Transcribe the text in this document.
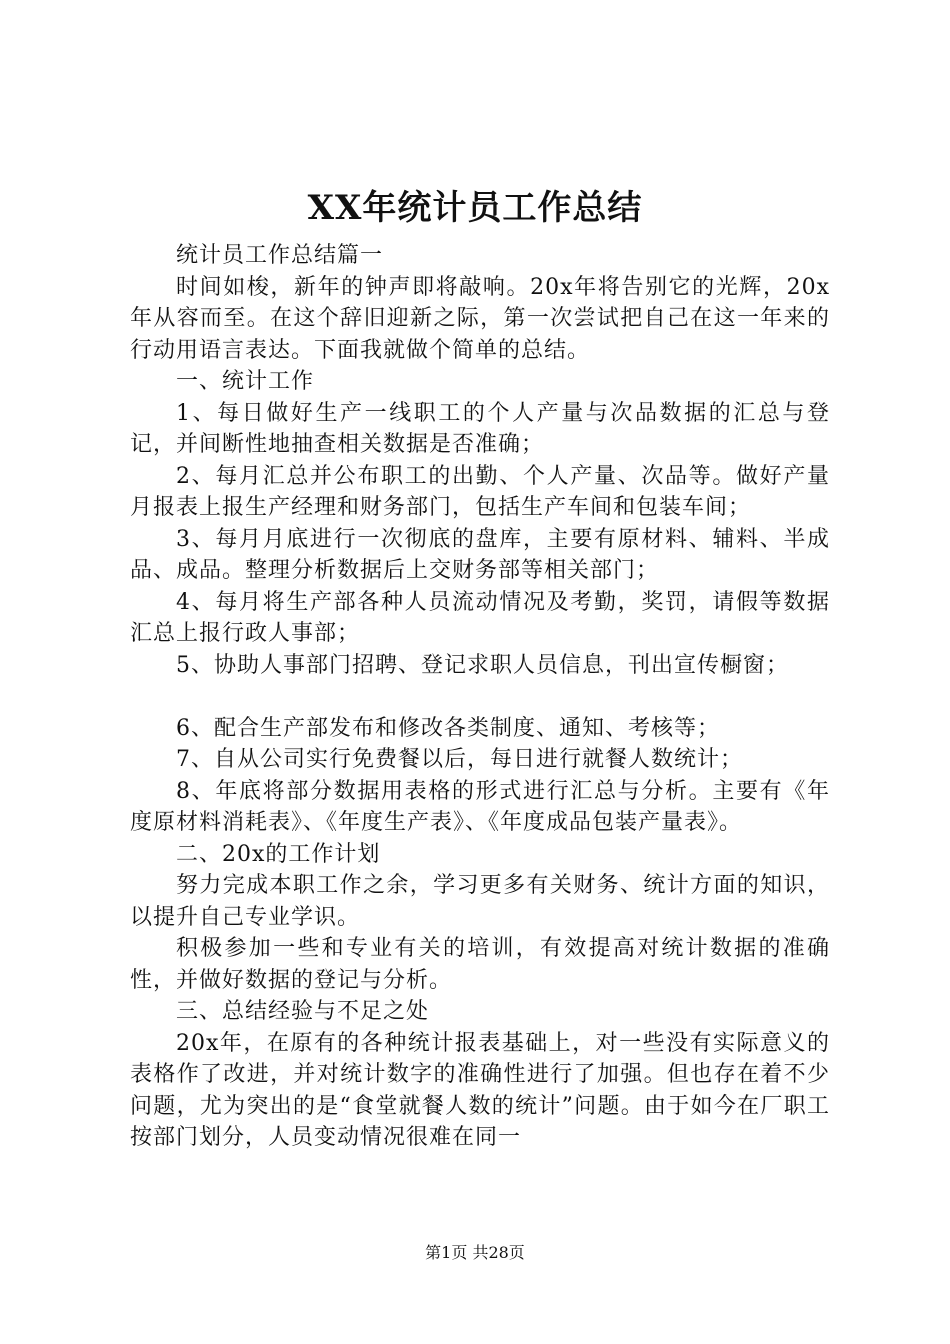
XX年统计员工作总结

统计员工作总结篇一

时间如梭，新年的钟声即将敲响。20x年将告别它的光辉，20x年从容而至。在这个辞旧迎新之际，第一次尝试把自己在这一年来的行动用语言表达。下面我就做个简单的总结。

一、统计工作

1、每日做好生产一线职工的个人产量与次品数据的汇总与登记，并间断性地抽查相关数据是否准确；

2、每月汇总并公布职工的出勤、个人产量、次品等。做好产量月报表上报生产经理和财务部门，包括生产车间和包装车间；

3、每月月底进行一次彻底的盘库，主要有原材料、辅料、半成品、成品。整理分析数据后上交财务部等相关部门；

4、每月将生产部各种人员流动情况及考勤，奖罚，请假等数据汇总上报行政人事部；

5、协助人事部门招聘、登记求职人员信息，刊出宣传橱窗；

6、配合生产部发布和修改各类制度、通知、考核等；

7、自从公司实行免费餐以后，每日进行就餐人数统计；

8、年底将部分数据用表格的形式进行汇总与分析。主要有《年度原材料消耗表》、《年度生产表》、《年度成品包装产量表》。

二、20x的工作计划

努力完成本职工作之余，学习更多有关财务、统计方面的知识，以提升自己专业学识。

积极参加一些和专业有关的培训，有效提高对统计数据的准确性，并做好数据的登记与分析。

三、总结经验与不足之处

20x年，在原有的各种统计报表基础上，对一些没有实际意义的表格作了改进，并对统计数字的准确性进行了加强。但也存在着不少问题，尤为突出的是“食堂就餐人数的统计”问题。由于如今在厂职工按部门划分，人员变动情况很难在同一

第1页 共28页
